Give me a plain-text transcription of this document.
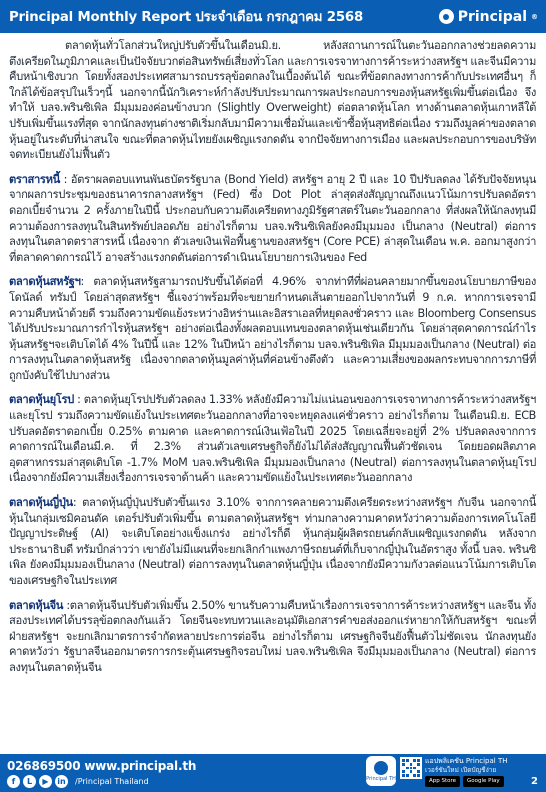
Principal Monthly Report ประจำเดือน กรกฎาคม 2568	Principal ®

ตลาดหุ้นทั่วโลกส่วนใหญ่ปรับตัวขึ้นในเดือนมิ.ย. หลังสถานการณ์ในตะวันออกกลางช่วยลดความตึงเครียดในภูมิภาคและเป็นปัจจัยบวกต่อสินทรัพย์เสี่ยงทั่วโลก และการเจรจาทางการค้าระหว่างสหรัฐฯ และจีนมีความคืบหน้าเชิงบวก โดยทั้งสองประเทศสามารถบรรลุข้อตกลงในเบื้องต้นได้ ขณะที่ข้อตกลงทางการค้ากับประเทศอื่นๆ ก็ใกล้ได้ข้อสรุปในเร็วๆนี้ นอกจากนี้นักวิเคราะห์กำลังปรับประมาณการผลประกอบการของหุ้นสหรัฐเพิ่มขึ้นต่อเนื่อง จึงทำให้ บลจ.พรินซิเพิล มีมุมมองค่อนข้างบวก (Slightly Overweight) ต่อตลาดหุ้นโลก ทางด้านตลาดหุ้นเกาหลีใต้ปรับเพิ่มขึ้นแรงที่สุด จากนักลงทุนต่างชาติเริ่มกลับมามีความเชื่อมั่นและเข้าซื้อหุ้นสุทธิต่อเนื่อง รวมถึงมูลค่าของตลาดหุ้นอยู่ในระดับที่น่าสนใจ ขณะที่ตลาดหุ้นไทยยังเผชิญแรงกดดัน จากปัจจัยทางการเมือง และผลประกอบการของบริษัทจดทะเบียนยังไม่ฟื้นตัว

ตราสารหนี้ : อัตราผลตอบแทนพันธบัตรรัฐบาล (Bond Yield) สหรัฐฯ อายุ 2 ปี และ 10 ปีปรับลดลง ได้รับปัจจัยหนุนจากผลการประชุมของธนาคารกลางสหรัฐฯ (Fed) ซึ่ง Dot Plot ล่าสุดส่งสัญญาณถึงแนวโน้มการปรับลดอัตราดอกเบี้ยจำนวน 2 ครั้งภายในปีนี้ ประกอบกับความตึงเครียดทางภูมิรัฐศาสตร์ในตะวันออกกลาง ที่ส่งผลให้นักลงทุนมีความต้องการลงทุนในสินทรัพย์ปลอดภัย อย่างไรก็ตาม บลจ.พรินซิเพิลยังคงมีมุมมอง เป็นกลาง (Neutral) ต่อการลงทุนในตลาดตราสารหนี้ เนื่องจาก ตัวเลขเงินเฟ้อพื้นฐานของสหรัฐฯ (Core PCE) ล่าสุดในเดือน พ.ค. ออกมาสูงกว่าที่ตลาดคาดการณ์ไว้ อาจสร้างแรงกดดันต่อการดำเนินนโยบายการเงินของ Fed

ตลาดหุ้นสหรัฐฯ: ตลาดหุ้นสหรัฐสามารถปรับขึ้นได้ต่อที่ 4.96% จากท่าทีที่ผ่อนคลายมากขึ้นของนโยบายภาษีของโดนัลด์ ทรัมป์ โดยล่าสุดสหรัฐฯ ชี้แจงว่าพร้อมที่จะขยายกำหนดเส้นตายออกไปจากวันที่ 9 ก.ค. หากการเจรจามีความคืบหน้าด้วยดี รวมถึงความขัดแย้งระหว่างอิหร่านและอิสราเอลที่หยุดลงชั่วคราว และ Bloomberg Consensus ได้ปรับประมาณการกำไรหุ้นสหรัฐฯ อย่างต่อเนื่องทั้งผลตอบแทนของตลาดหุ้นเช่นเดียวกัน โดยล่าสุดคาดการณ์กำไรหุ้นสหรัฐฯจะเติบโตได้ 4% ในปีนี้ และ 12% ในปีหน้า อย่างไรก็ตาม บลจ.พรินซิเพิล มีมุมมองเป็นกลาง (Neutral) ต่อการลงทุนในตลาดหุ้นสหรัฐ เนื่องจากตลาดหุ้นมูลค่าหุ้นที่ค่อนข้างตึงตัว และความเสี่ยงของผลกระทบจากการภาษีที่ถูกบังคับใช้ไปบางส่วน

ตลาดหุ้นยุโรป : ตลาดหุ้นยุโรปปรับตัวลดลง 1.33% หลังยังมีความไม่แน่นอนของการเจรจาทางการค้าระหว่างสหรัฐฯและยุโรป รวมถึงความขัดแย้งในประเทศตะวันออกกลางที่อาจจะหยุดลงแค่ชั่วคราว อย่างไรก็ตาม ในเดือนมิ.ย. ECB ปรับลดอัตราดอกเบี้ย 0.25% ตามคาด และคาดการณ์เงินเฟ้อในปี 2025 โดยเฉลี่ยจะอยู่ที่ 2% ปรับลดลงจากการคาดการณ์ในเดือนมี.ค. ที่ 2.3% ส่วนตัวเลขเศรษฐกิจก็ยังไม่ได้ส่งสัญญาณฟื้นตัวชัดเจน โดยยอดผลิตภาคอุตสาหกรรมล่าสุดเติบโต -1.7% MoM บลจ.พรินซิเพิล มีมุมมองเป็นกลาง (Neutral) ต่อการลงทุนในตลาดหุ้นยุโรป เนื่องจากยังมีความเสี่ยงเรื่องการเจรจาด้านค้า และความขัดแย้งในประเทศตะวันออกกลาง

ตลาดหุ้นญี่ปุ่น: ตลาดหุ้นญี่ปุ่นปรับตัวขึ้นแรง 3.10% จากการคลายความตึงเครียดระหว่างสหรัฐฯ กับจีน นอกจากนี้ หุ้นในกลุ่มเซมิคอนดัค เตอร์ปรับตัวเพิ่มขึ้น ตามตลาดหุ้นสหรัฐฯ ท่ามกลางความคาดหวังว่าความต้องการเทคโนโลยีปัญญาประดิษฐ์ (AI) จะเติบโตอย่างแข็งแกร่ง อย่างไรก็ดี หุ้นกลุ่มผู้ผลิตรถยนต์กลับเผชิญแรงกดดัน หลังจากประธานาธิบดี ทรัมป์กล่าวว่า เขายังไม่มีแผนที่จะยกเลิกกำแพงภาษีรถยนต์ที่เก็บจากญี่ปุ่นในอัตราสูง ทั้งนี้ บลจ. พรินซิเพิล ยังคงมีมุมมองเป็นกลาง (Neutral) ต่อการลงทุนในตลาดหุ้นญี่ปุ่น เนื่องจากยังมีความกังวลต่อแนวโน้มการเติบโตของเศรษฐกิจในประเทศ

ตลาดหุ้นจีน :ตลาดหุ้นจีนปรับตัวเพิ่มขึ้น 2.50% ขานรับความคืบหน้าเรื่องการเจรจาการค้าระหว่างสหรัฐฯ และจีน ทั้งสองประเทศได้บรรลุข้อตกลงกันแล้ว โดยจีนจะทบทวนและอนุมัติเอกสารคำขอส่งออกแร่หายากให้กับสหรัฐฯ ขณะที่ฝ่ายสหรัฐฯ จะยกเลิกมาตรการจำกัดหลายประการต่อจีน อย่างไรก็ตาม เศรษฐกิจจีนยังฟื้นตัวไม่ชัดเจน นักลงทุนยังคาดหวังว่า รัฐบาลจีนออกมาตรการกระตุ้นเศรษฐกิจรอบใหม่ บลจ.พรินซิเพิล จึงมีมุมมองเป็นกลาง (Neutral) ต่อการลงทุนในตลาดหุ้นจีน

026869500 www.principal.th
f	L	▶	in /Principal Thailand	Principal TH
แอปพลิเคชัน Principal TH
เวอร์ชันใหม่ เปิดบัญชีง่าย
App Store	Google Play	2
